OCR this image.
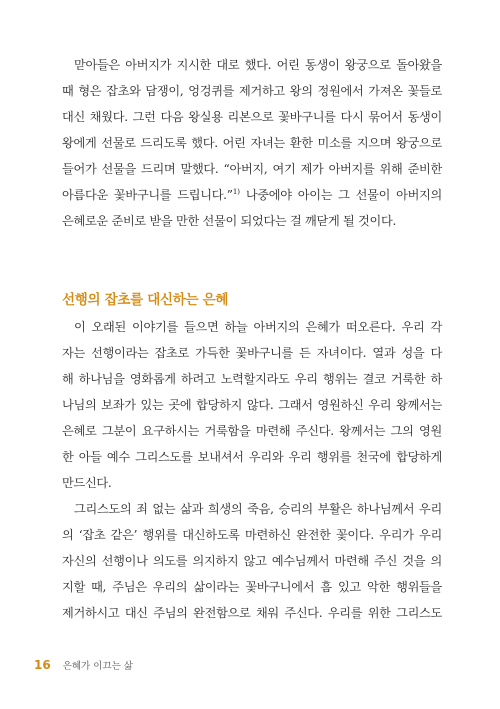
맏아들은 아버지가 지시한 대로 했다. 어린 동생이 왕궁으로 돌아왔을
때 형은 잡초와 담쟁이, 엉겅퀴를 제거하고 왕의 정원에서 가져온 꽃들로
대신 채웠다. 그런 다음 왕실용 리본으로 꽃바구니를 다시 묶어서 동생이
왕에게 선물로 드리도록 했다. 어린 자녀는 환한 미소를 지으며 왕궁으로
들어가 선물을 드리며 말했다. “아버지, 여기 제가 아버지를 위해 준비한
아름다운 꽃바구니를 드립니다.”$^{1)}$ 나중에야 아이는 그 선물이 아버지의
은혜로운 준비로 받을 만한 선물이 되었다는 걸 깨닫게 될 것이다.
선행의 잡초를 대신하는 은혜
이 오래된 이야기를 들으면 하늘 아버지의 은혜가 떠오른다. 우리 각
자는 선행이라는 잡초로 가득한 꽃바구니를 든 자녀이다. 열과 성을 다
해 하나님을 영화롭게 하려고 노력할지라도 우리 행위는 결코 거룩한 하
나님의 보좌가 있는 곳에 합당하지 않다. 그래서 영원하신 우리 왕께서는
은혜로 그분이 요구하시는 거룩함을 마련해 주신다. 왕께서는 그의 영원
한 아들 예수 그리스도를 보내셔서 우리와 우리 행위를 천국에 합당하게
만드신다.
그리스도의 죄 없는 삶과 희생의 죽음, 승리의 부활은 하나님께서 우리
의 ‘잡초 같은’ 행위를 대신하도록 마련하신 완전한 꽃이다. 우리가 우리
자신의 선행이나 의도를 의지하지 않고 예수님께서 마련해 주신 것을 의
지할 때, 주님은 우리의 삶이라는 꽃바구니에서 흠 있고 악한 행위들을
제거하시고 대신 주님의 완전함으로 채워 주신다. 우리를 위한 그리스도
16 은혜가 이끄는 삶
